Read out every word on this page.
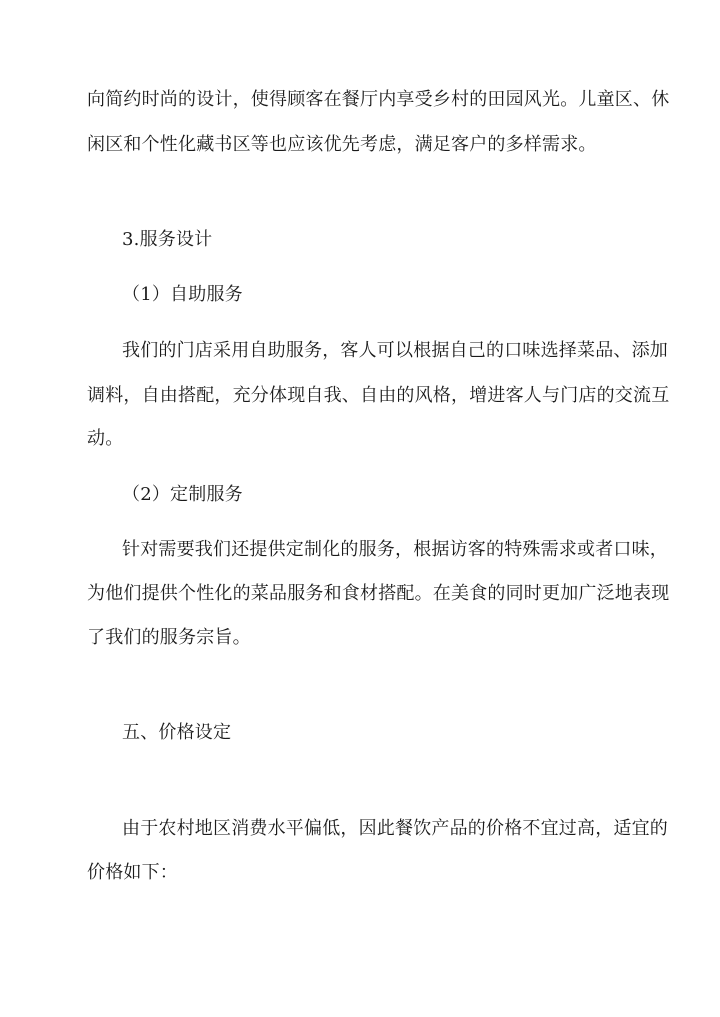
向简约时尚的设计，使得顾客在餐厅内享受乡村的田园风光。儿童区、休
闲区和个性化藏书区等也应该优先考虑，满足客户的多样需求。
3.服务设计
（1）自助服务
我们的门店采用自助服务，客人可以根据自己的口味选择菜品、添加
调料，自由搭配，充分体现自我、自由的风格，增进客人与门店的交流互
动。
（2）定制服务
针对需要我们还提供定制化的服务，根据访客的特殊需求或者口味，
为他们提供个性化的菜品服务和食材搭配。在美食的同时更加广泛地表现
了我们的服务宗旨。
五、价格设定
由于农村地区消费水平偏低，因此餐饮产品的价格不宜过高，适宜的
价格如下：
